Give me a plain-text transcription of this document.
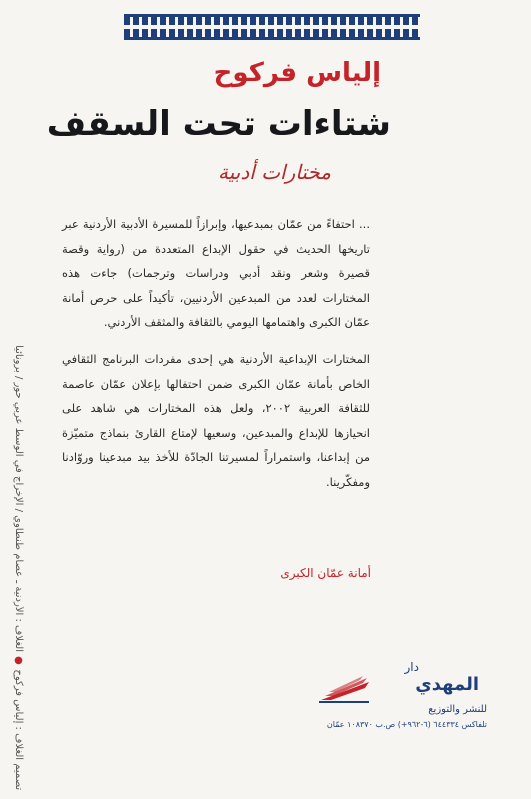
إلياس فركوح
شتاءات تحت السقف
مختارات أدبية

... احتفاءً من عمّان بمبدعيها، وإبرازاً للمسيرة الأدبية الأردنية عبر تاريخها الحديث في حقول الإبداع المتعددة من (رواية وقصة قصيرة وشعر ونقد أدبي ودراسات وترجمات) جاءت هذه المختارات لعدد من المبدعين الأردنيين، تأكيداً على حرص أمانة عمّان الكبرى واهتمامها اليومي بالثقافة والمثقف الأردني.

المختارات الإبداعية الأردنية هي إحدى مفردات البرنامج الثقافي الخاص بأمانة عمّان الكبرى ضمن احتفالها بإعلان عمّان عاصمة للثقافة العربية ٢٠٠٢، ولعل هذه المختارات هي شاهد على انحيازها للإبداع والمبدعين، وسعيها لإمتاع القارئ بنماذج متميّزة من إبداعنا، واستمراراً لمسيرتنا الجادّة للأخذ بيد مبدعينا وروّادنا ومفكّرينا.

أمانة عمّان الكبرى
تصميم الغلاف : إلياس فركوح ● الغلاف : الأردنية ـ عصام طنطاوي / الإخراج في الوسط عربي حور / برونائيا
دار
المهدي
للنشر والتوزيع
تلفاكس ٦٤٤٣٣٤ (٦-٩٦٢+) ص.ب ١٠٨٣٧٠ عمّان
